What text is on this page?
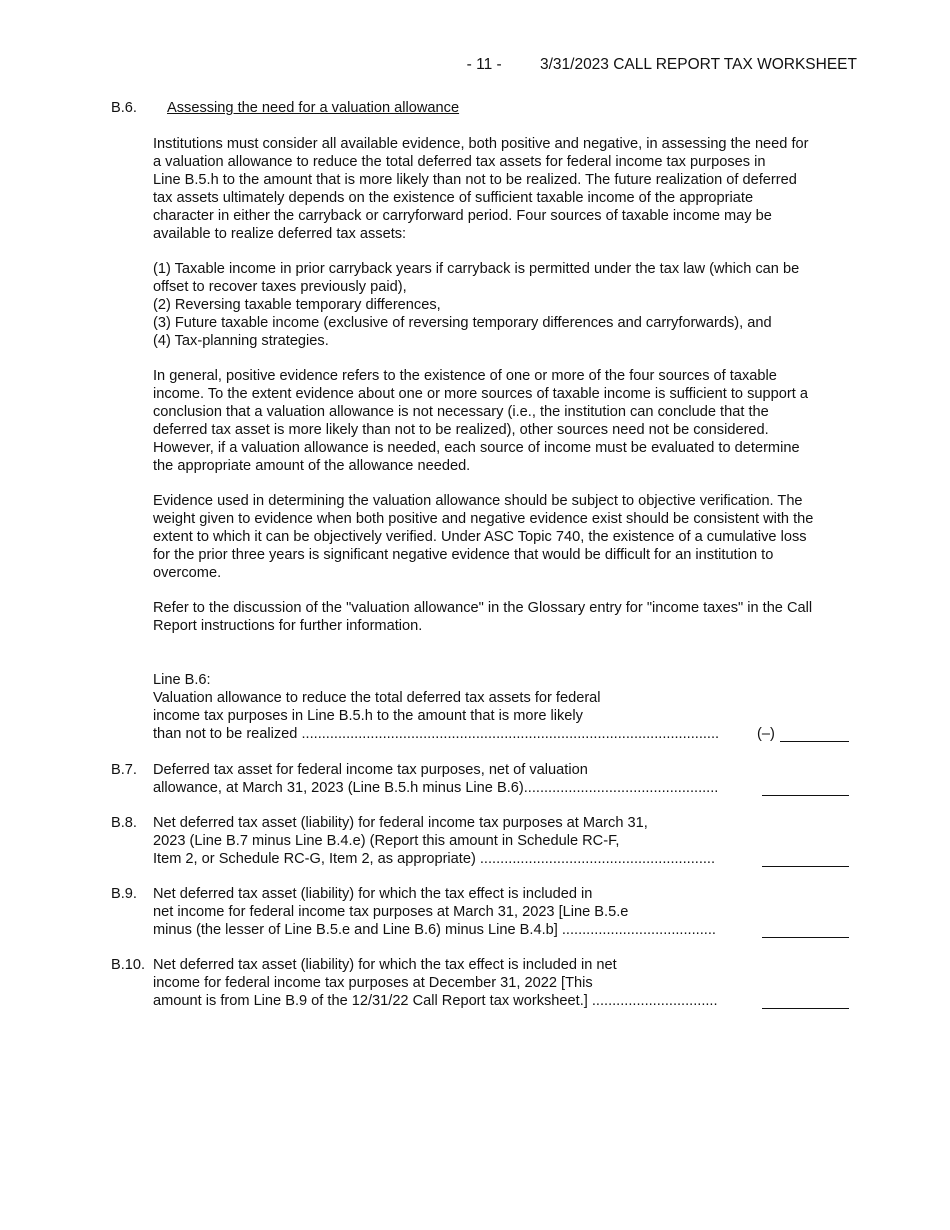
- 11 - 3/31/2023 CALL REPORT TAX WORKSHEET
B.6. Assessing the need for a valuation allowance
Institutions must consider all available evidence, both positive and negative, in assessing the need for
a valuation allowance to reduce the total deferred tax assets for federal income tax purposes in
Line B.5.h to the amount that is more likely than not to be realized. The future realization of deferred
tax assets ultimately depends on the existence of sufficient taxable income of the appropriate
character in either the carryback or carryforward period. Four sources of taxable income may be
available to realize deferred tax assets:
(1) Taxable income in prior carryback years if carryback is permitted under the tax law (which can be
offset to recover taxes previously paid),
(2) Reversing taxable temporary differences,
(3) Future taxable income (exclusive of reversing temporary differences and carryforwards), and
(4) Tax-planning strategies.
In general, positive evidence refers to the existence of one or more of the four sources of taxable
income. To the extent evidence about one or more sources of taxable income is sufficient to support a
conclusion that a valuation allowance is not necessary (i.e., the institution can conclude that the
deferred tax asset is more likely than not to be realized), other sources need not be considered.
However, if a valuation allowance is needed, each source of income must be evaluated to determine
the appropriate amount of the allowance needed.
Evidence used in determining the valuation allowance should be subject to objective verification. The
weight given to evidence when both positive and negative evidence exist should be consistent with the
extent to which it can be objectively verified. Under ASC Topic 740, the existence of a cumulative loss
for the prior three years is significant negative evidence that would be difficult for an institution to
overcome.
Refer to the discussion of the "valuation allowance" in the Glossary entry for "income taxes" in the Call
Report instructions for further information.
Line B.6:
Valuation allowance to reduce the total deferred tax assets for federal
income tax purposes in Line B.5.h to the amount that is more likely
than not to be realized .......................................................................................................	(–)
B.7. Deferred tax asset for federal income tax purposes, net of valuation
allowance, at March 31, 2023 (Line B.5.h minus Line B.6)................................................
B.8. Net deferred tax asset (liability) for federal income tax purposes at March 31,
2023 (Line B.7 minus Line B.4.e) (Report this amount in Schedule RC-F,
Item 2, or Schedule RC-G, Item 2, as appropriate) ..........................................................
B.9. Net deferred tax asset (liability) for which the tax effect is included in
net income for federal income tax purposes at March 31, 2023 [Line B.5.e
minus (the lesser of Line B.5.e and Line B.6) minus Line B.4.b] ......................................
B.10. Net deferred tax asset (liability) for which the tax effect is included in net
income for federal income tax purposes at December 31, 2022 [This
amount is from Line B.9 of the 12/31/22 Call Report tax worksheet.] ...............................
